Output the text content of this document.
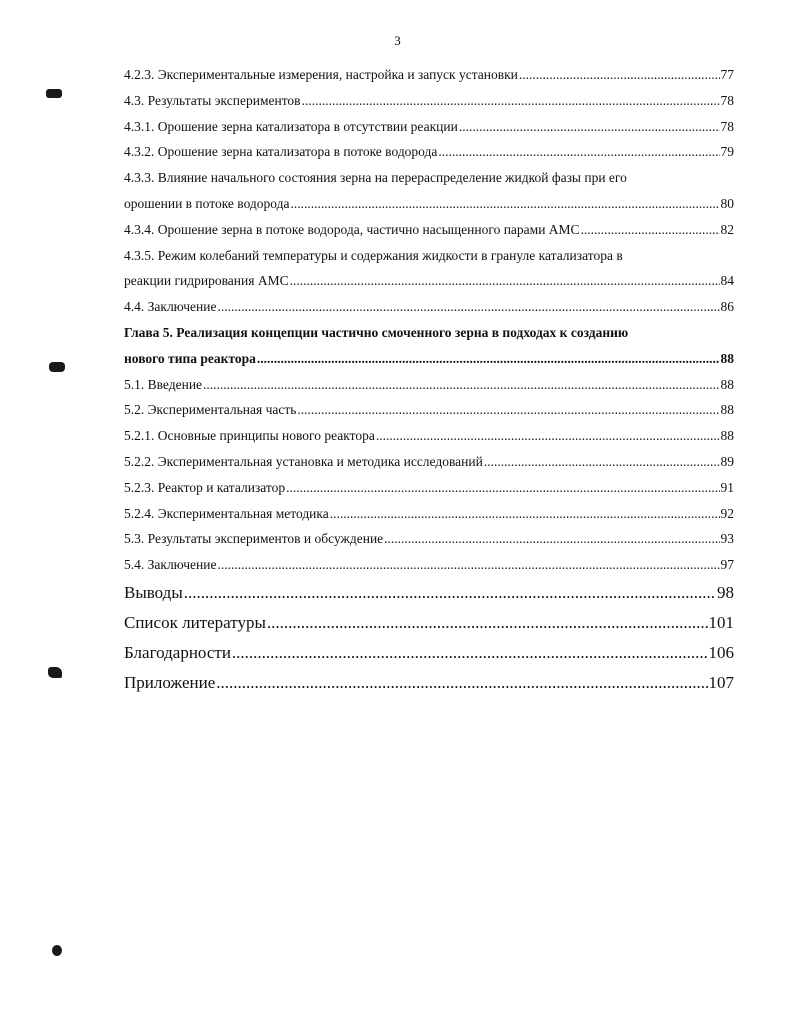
3
4.2.3. Экспериментальные измерения, настройка и запуск установки .....	77
4.3. Результаты экспериментов .....	78
4.3.1. Орошение зерна катализатора в отсутствии реакции .....	78
4.3.2. Орошение зерна катализатора в потоке водорода .....	79
4.3.3. Влияние начального состояния зерна на перераспределение жидкой фазы при его
орошении в потоке водорода .....	80
4.3.4. Орошение зерна в потоке водорода, частично насыщенного парами АМС .....	82
4.3.5. Режим колебаний температуры и содержания жидкости в грануле катализатора в
реакции гидрирования АМС .....	84
4.4. Заключение .....	86
Глава 5. Реализация концепции частично смоченного зерна в подходах к созданию
нового типа реактора .....	88
5.1. Введение .....	88
5.2. Экспериментальная часть .....	88
5.2.1. Основные принципы нового реактора .....	88
5.2.2. Экспериментальная установка и методика исследований .....	89
5.2.3. Реактор и катализатор .....	91
5.2.4. Экспериментальная методика .....	92
5.3. Результаты экспериментов и обсуждение .....	93
5.4. Заключение .....	97
Выводы .....	98
Список литературы .....	101
Благодарности .....	106
Приложение .....	107
